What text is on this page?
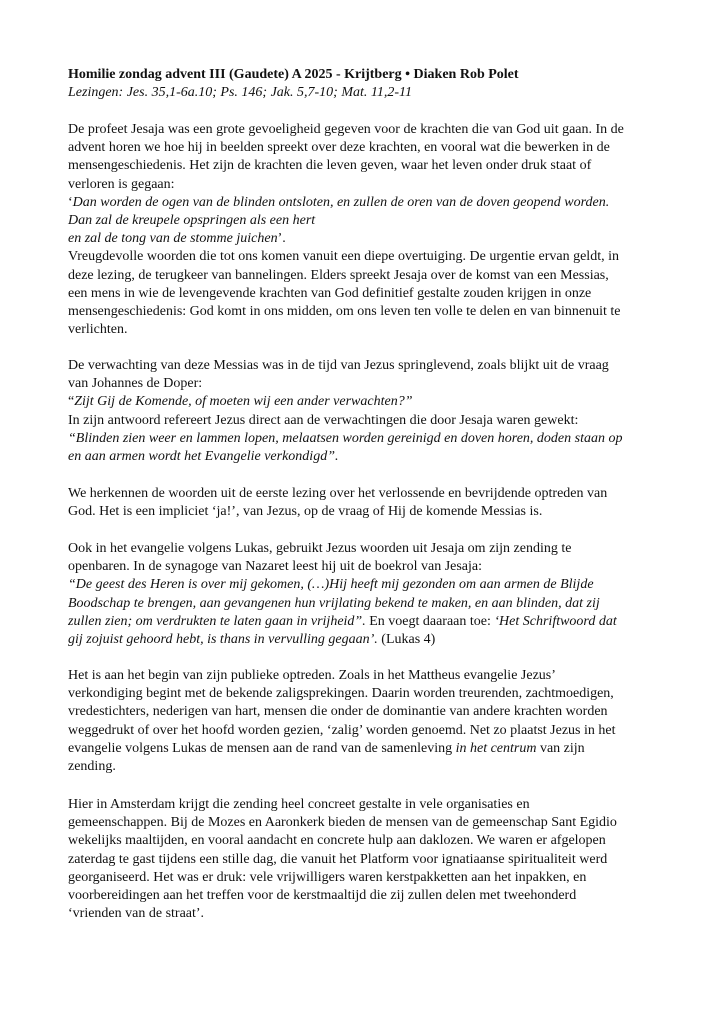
Homilie zondag advent III (Gaudete) A 2025 - Krijtberg • Diaken Rob Polet
Lezingen: Jes. 35,1-6a.10; Ps. 146; Jak. 5,7-10; Mat. 11,2-11
De profeet Jesaja was een grote gevoeligheid gegeven voor de krachten die van God uit gaan. In de
advent horen we hoe hij in beelden spreekt over deze krachten, en vooral wat die bewerken in de
mensengeschiedenis. Het zijn de krachten die leven geven, waar het leven onder druk staat of
verloren is gegaan:
‘Dan worden de ogen van de blinden ontsloten, en zullen de oren van de doven geopend worden.
Dan zal de kreupele opspringen als een hert
en zal de tong van de stomme juichen’.
Vreugdevolle woorden die tot ons komen vanuit een diepe overtuiging. De urgentie ervan geldt, in
deze lezing, de terugkeer van bannelingen. Elders spreekt Jesaja over de komst van een Messias,
een mens in wie de levengevende krachten van God definitief gestalte zouden krijgen in onze
mensengeschiedenis: God komt in ons midden, om ons leven ten volle te delen en van binnenuit te
verlichten.
De verwachting van deze Messias was in de tijd van Jezus springlevend, zoals blijkt uit de vraag
van Johannes de Doper:
“Zijt Gij de Komende, of moeten wij een ander verwachten?”
In zijn antwoord refereert Jezus direct aan de verwachtingen die door Jesaja waren gewekt:
“Blinden zien weer en lammen lopen, melaatsen worden gereinigd en doven horen, doden staan op
en aan armen wordt het Evangelie verkondigd”.
We herkennen de woorden uit de eerste lezing over het verlossende en bevrijdende optreden van
God. Het is een impliciet ‘ja!’, van Jezus, op de vraag of Hij de komende Messias is.
Ook in het evangelie volgens Lukas, gebruikt Jezus woorden uit Jesaja om zijn zending te
openbaren. In de synagoge van Nazaret leest hij uit de boekrol van Jesaja:
“De geest des Heren is over mij gekomen, (…)Hij heeft mij gezonden om aan armen de Blijde
Boodschap te brengen, aan gevangenen hun vrijlating bekend te maken, en aan blinden, dat zij
zullen zien; om verdrukten te laten gaan in vrijheid”. En voegt daaraan toe: ‘Het Schriftwoord dat
gij zojuist gehoord hebt, is thans in vervulling gegaan’. (Lukas 4)
Het is aan het begin van zijn publieke optreden. Zoals in het Mattheus evangelie Jezus’
verkondiging begint met de bekende zaligsprekingen. Daarin worden treurenden, zachtmoedigen,
vredestichters, nederigen van hart, mensen die onder de dominantie van andere krachten worden
weggedrukt of over het hoofd worden gezien, ‘zalig’ worden genoemd. Net zo plaatst Jezus in het
evangelie volgens Lukas de mensen aan de rand van de samenleving in het centrum van zijn
zending.
Hier in Amsterdam krijgt die zending heel concreet gestalte in vele organisaties en
gemeenschappen. Bij de Mozes en Aaronkerk bieden de mensen van de gemeenschap Sant Egidio
wekelijks maaltijden, en vooral aandacht en concrete hulp aan daklozen. We waren er afgelopen
zaterdag te gast tijdens een stille dag, die vanuit het Platform voor ignatiaanse spiritualiteit werd
georganiseerd. Het was er druk: vele vrijwilligers waren kerstpakketten aan het inpakken, en
voorbereidingen aan het treffen voor de kerstmaaltijd die zij zullen delen met tweehonderd
‘vrienden van de straat’.
